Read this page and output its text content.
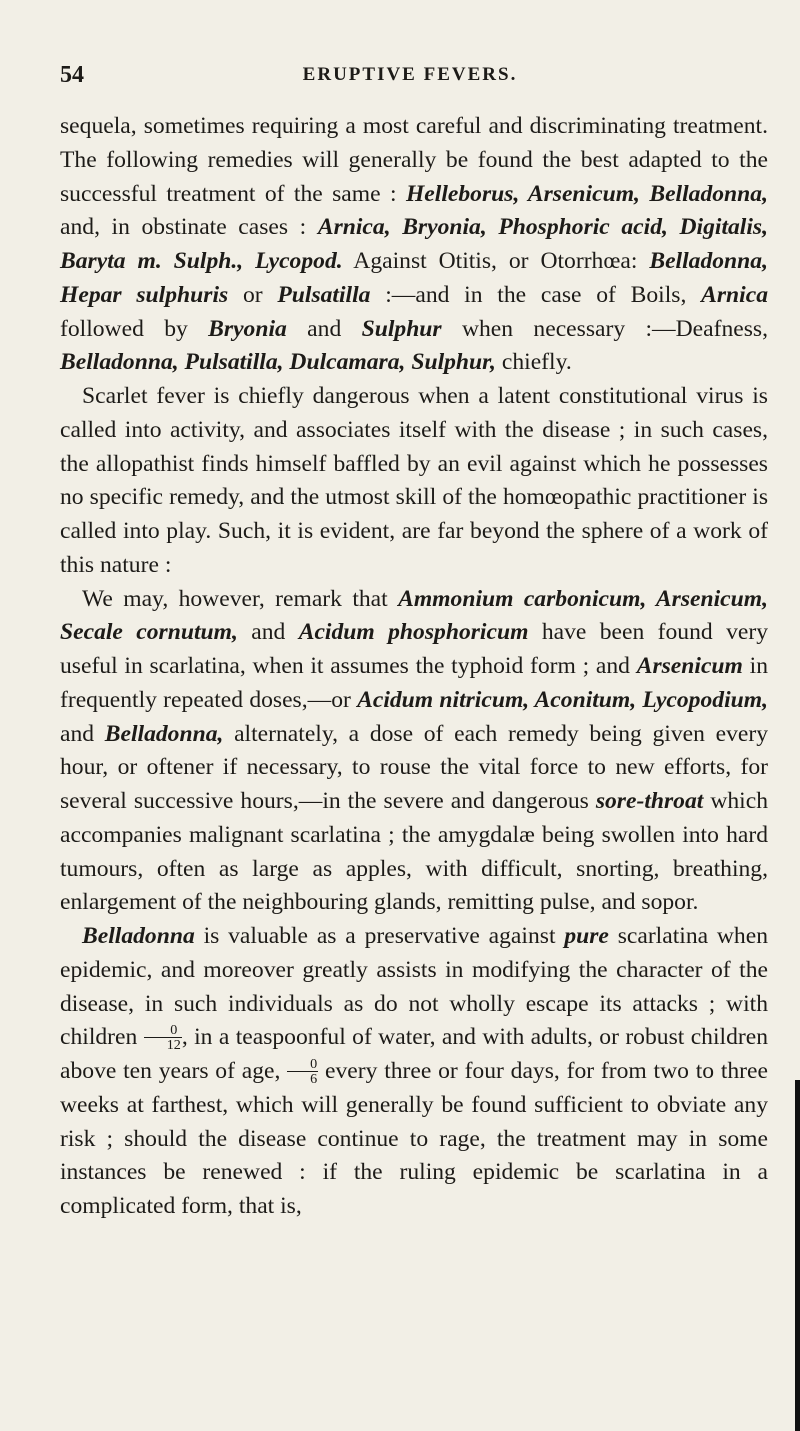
54	ERUPTIVE FEVERS.

sequela, sometimes requiring a most careful and discriminating treatment. The following remedies will generally be found the best adapted to the successful treatment of the same : Helleborus, Arsenicum, Belladonna, and, in obstinate cases : Arnica, Bryonia, Phosphoric acid, Digitalis, Baryta m. Sulph., Lycopod. Against Otitis, or Otorrhœa: Belladonna, Hepar sulphuris or Pulsatilla :—and in the case of Boils, Arnica followed by Bryonia and Sulphur when necessary :—Deafness, Belladonna, Pulsatilla, Dulcamara, Sulphur, chiefly.

Scarlet fever is chiefly dangerous when a latent constitutional virus is called into activity, and associates itself with the disease ; in such cases, the allopathist finds himself baffled by an evil against which he possesses no specific remedy, and the utmost skill of the homœopathic practitioner is called into play. Such, it is evident, are far beyond the sphere of a work of this nature :

We may, however, remark that Ammonium carbonicum, Arsenicum, Secale cornutum, and Acidum phosphoricum have been found very useful in scarlatina, when it assumes the typhoid form ; and Arsenicum in frequently repeated doses,—or Acidum nitricum, Aconitum, Lycopodium, and Belladonna, alternately, a dose of each remedy being given every hour, or oftener if necessary, to rouse the vital force to new efforts, for several successive hours,—in the severe and dangerous sore-throat which accompanies malignant scarlatina ; the amygdalæ being swollen into hard tumours, often as large as apples, with difficult, snorting, breathing, enlargement of the neighbouring glands, remitting pulse, and sopor.

Belladonna is valuable as a preservative against pure scarlatina when epidemic, and moreover greatly assists in modifying the character of the disease, in such individuals as do not wholly escape its attacks ; with children $\frac{0}{12}$ , in a teaspoonful of water, and with adults, or robust children above ten years of age, $\frac{0}{6}$ every three or four days, for from two to three weeks at farthest, which will generally be found sufficient to obviate any risk ; should the disease continue to rage, the treatment may in some instances be renewed : if the ruling epidemic be scarlatina in a complicated form, that is,
